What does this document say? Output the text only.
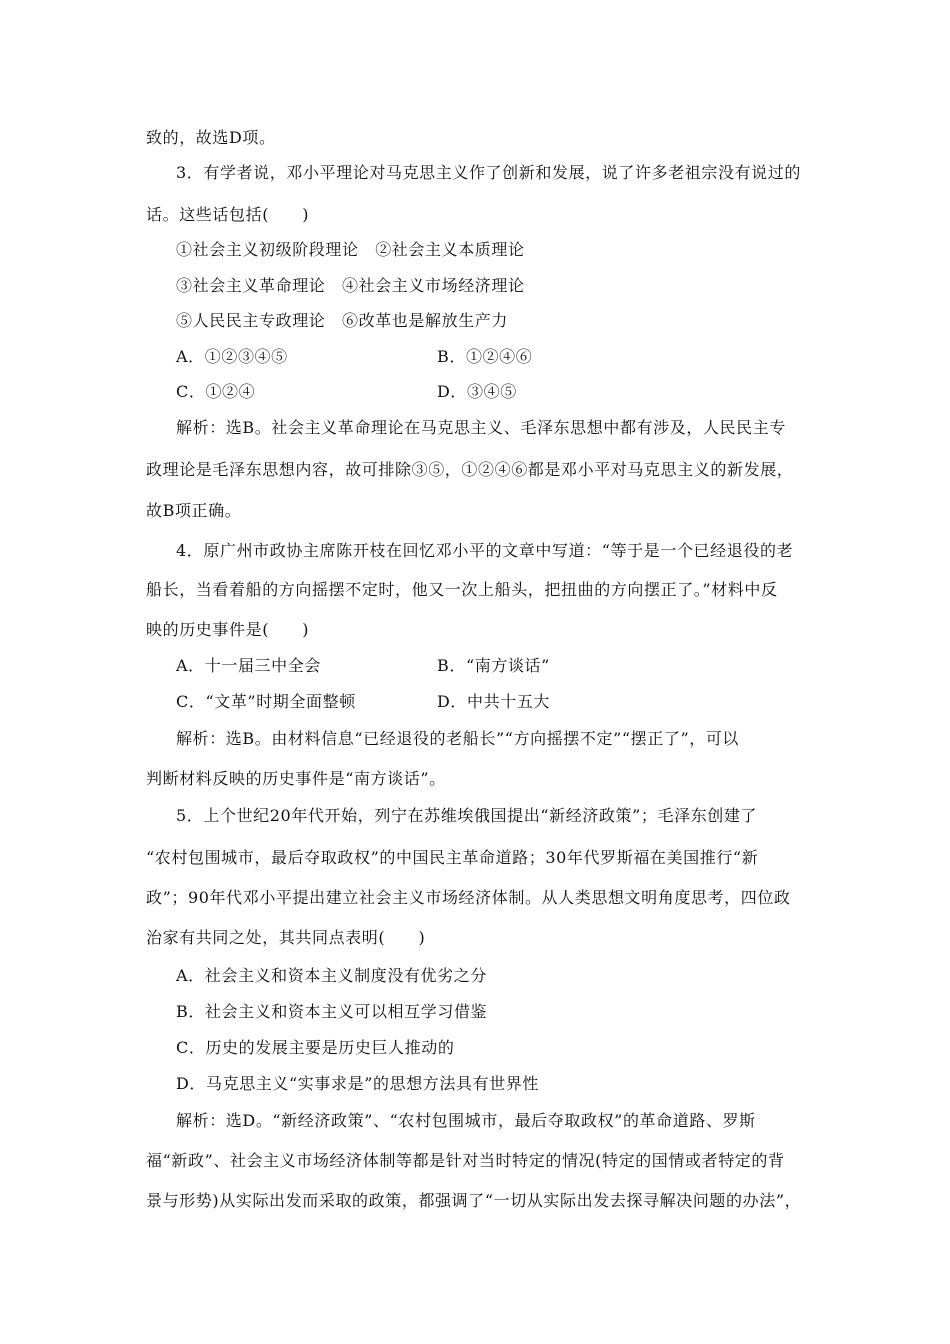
致的，故选D项。
3．有学者说，邓小平理论对马克思主义作了创新和发展，说了许多老祖宗没有说过的
话。这些话包括(　　)
①社会主义初级阶段理论　②社会主义本质理论
③社会主义革命理论　④社会主义市场经济理论
⑤人民民主专政理论　⑥改革也是解放生产力
A．①②③④⑤	B．①②④⑥
C．①②④	D．③④⑤
解析：选B。社会主义革命理论在马克思主义、毛泽东思想中都有涉及，人民民主专
政理论是毛泽东思想内容，故可排除③⑤，①②④⑥都是邓小平对马克思主义的新发展，
故B项正确。
4．原广州市政协主席陈开枝在回忆邓小平的文章中写道：“等于是一个已经退役的老
船长，当看着船的方向摇摆不定时，他又一次上船头，把扭曲的方向摆正了。”材料中反
映的历史事件是(　　)
A．十一届三中全会	B．“南方谈话”
C．“文革”时期全面整顿	D．中共十五大
解析：选B。由材料信息“已经退役的老船长”“方向摇摆不定”“摆正了”，可以
判断材料反映的历史事件是“南方谈话”。
5．上个世纪20年代开始，列宁在苏维埃俄国提出“新经济政策”；毛泽东创建了
“农村包围城市，最后夺取政权”的中国民主革命道路；30年代罗斯福在美国推行“新
政”；90年代邓小平提出建立社会主义市场经济体制。从人类思想文明角度思考，四位政
治家有共同之处，其共同点表明(　　)
A．社会主义和资本主义制度没有优劣之分
B．社会主义和资本主义可以相互学习借鉴
C．历史的发展主要是历史巨人推动的
D．马克思主义“实事求是”的思想方法具有世界性
解析：选D。“新经济政策”、“农村包围城市，最后夺取政权”的革命道路、罗斯
福“新政”、社会主义市场经济体制等都是针对当时特定的情况(特定的国情或者特定的背
景与形势)从实际出发而采取的政策，都强调了“一切从实际出发去探寻解决问题的办法”，
